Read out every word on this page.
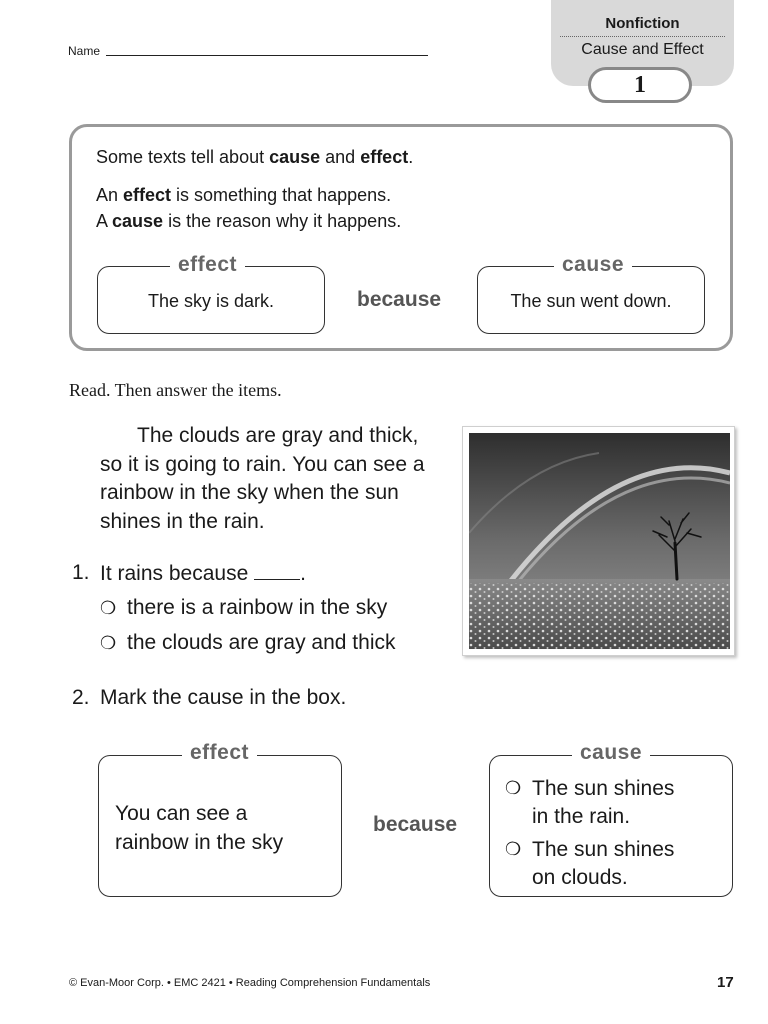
Name
Nonfiction
Cause and Effect
1
Some texts tell about cause and effect.
An effect is something that happens.
A cause is the reason why it happens.
effect
The sky is dark.	because
cause
The sun went down.
Read. Then answer the items.

The clouds are gray and thick, so it is going to rain. You can see a rainbow in the sky when the sun shines in the rain.

1. It rains because .
❍ there is a rainbow in the sky
❍ the clouds are gray and thick
2. Mark the cause in the box.
effect
You can see a
rainbow in the sky
because
cause
❍ The sun shines
in the rain.
❍ The sun shines
on clouds.
© Evan-Moor Corp. • EMC 2421 • Reading Comprehension Fundamentals	17
